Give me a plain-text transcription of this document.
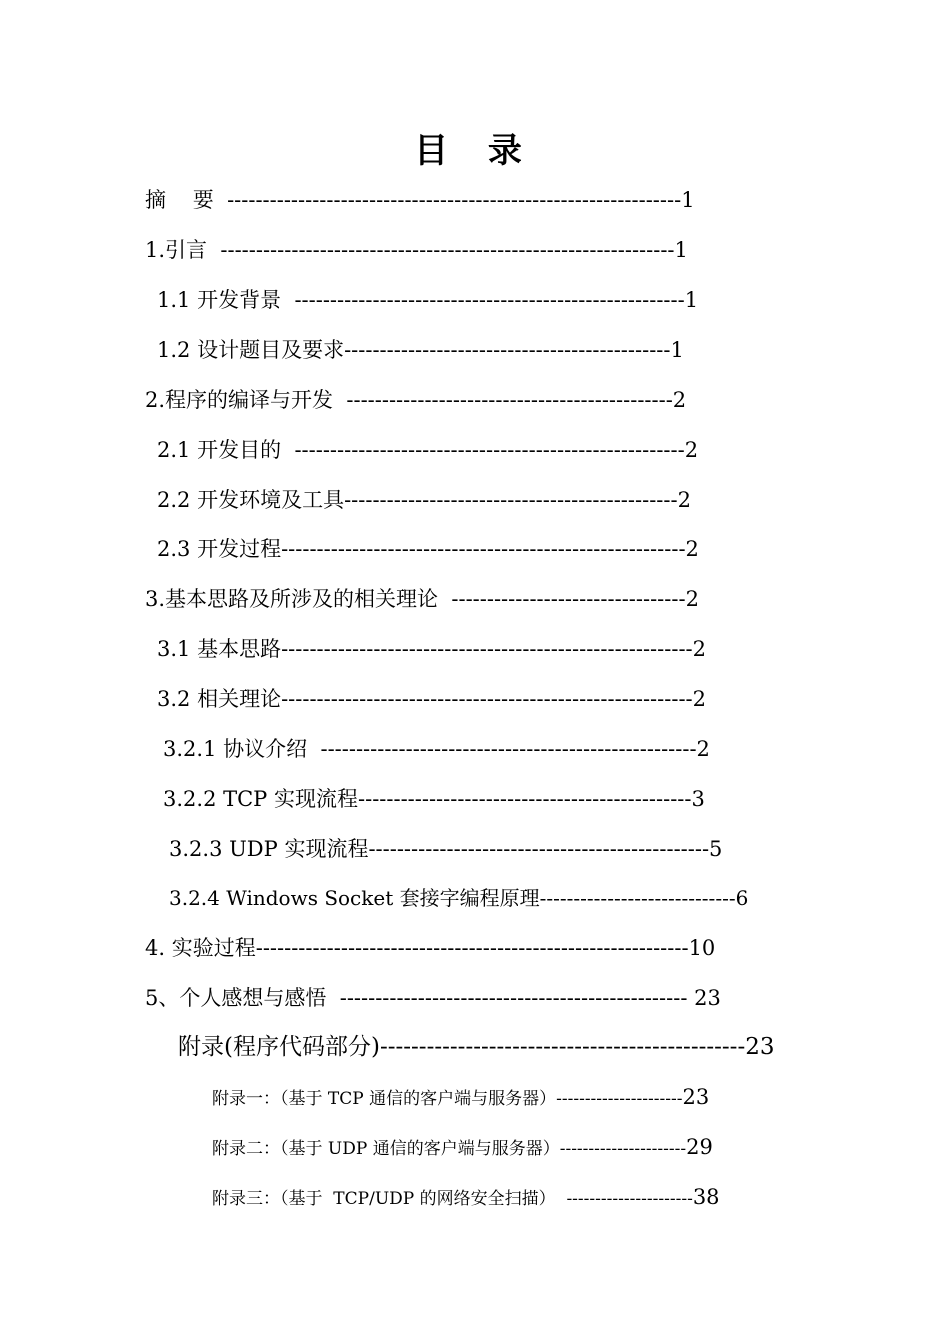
目 录
摘    要  ----------------------------------------------------------------1
1.引言  ----------------------------------------------------------------1
1.1 开发背景  -------------------------------------------------------1
1.2 设计题目及要求----------------------------------------------1
2.程序的编译与开发  ----------------------------------------------2
2.1 开发目的  -------------------------------------------------------2
2.2 开发环境及工具-----------------------------------------------2
2.3 开发过程---------------------------------------------------------2
3.基本思路及所涉及的相关理论  ---------------------------------2
3.1 基本思路----------------------------------------------------------2
3.2 相关理论----------------------------------------------------------2
3.2.1 协议介绍  -----------------------------------------------------2
3.2.2 TCP 实现流程-----------------------------------------------3
3.2.3 UDP 实现流程------------------------------------------------5
3.2.4 Windows Socket 套接字编程原理-----------------------------6
4. 实验过程-------------------------------------------------------------10
5、个人感想与感悟  ------------------------------------------------- 23
附录(程序代码部分)-----------------------------------------------23
附录一：（基于 TCP 通信的客户端与服务器）----------------------23
附录二：（基于 UDP 通信的客户端与服务器）----------------------29
附录三：（基于  TCP/UDP 的网络安全扫描）  ----------------------38
